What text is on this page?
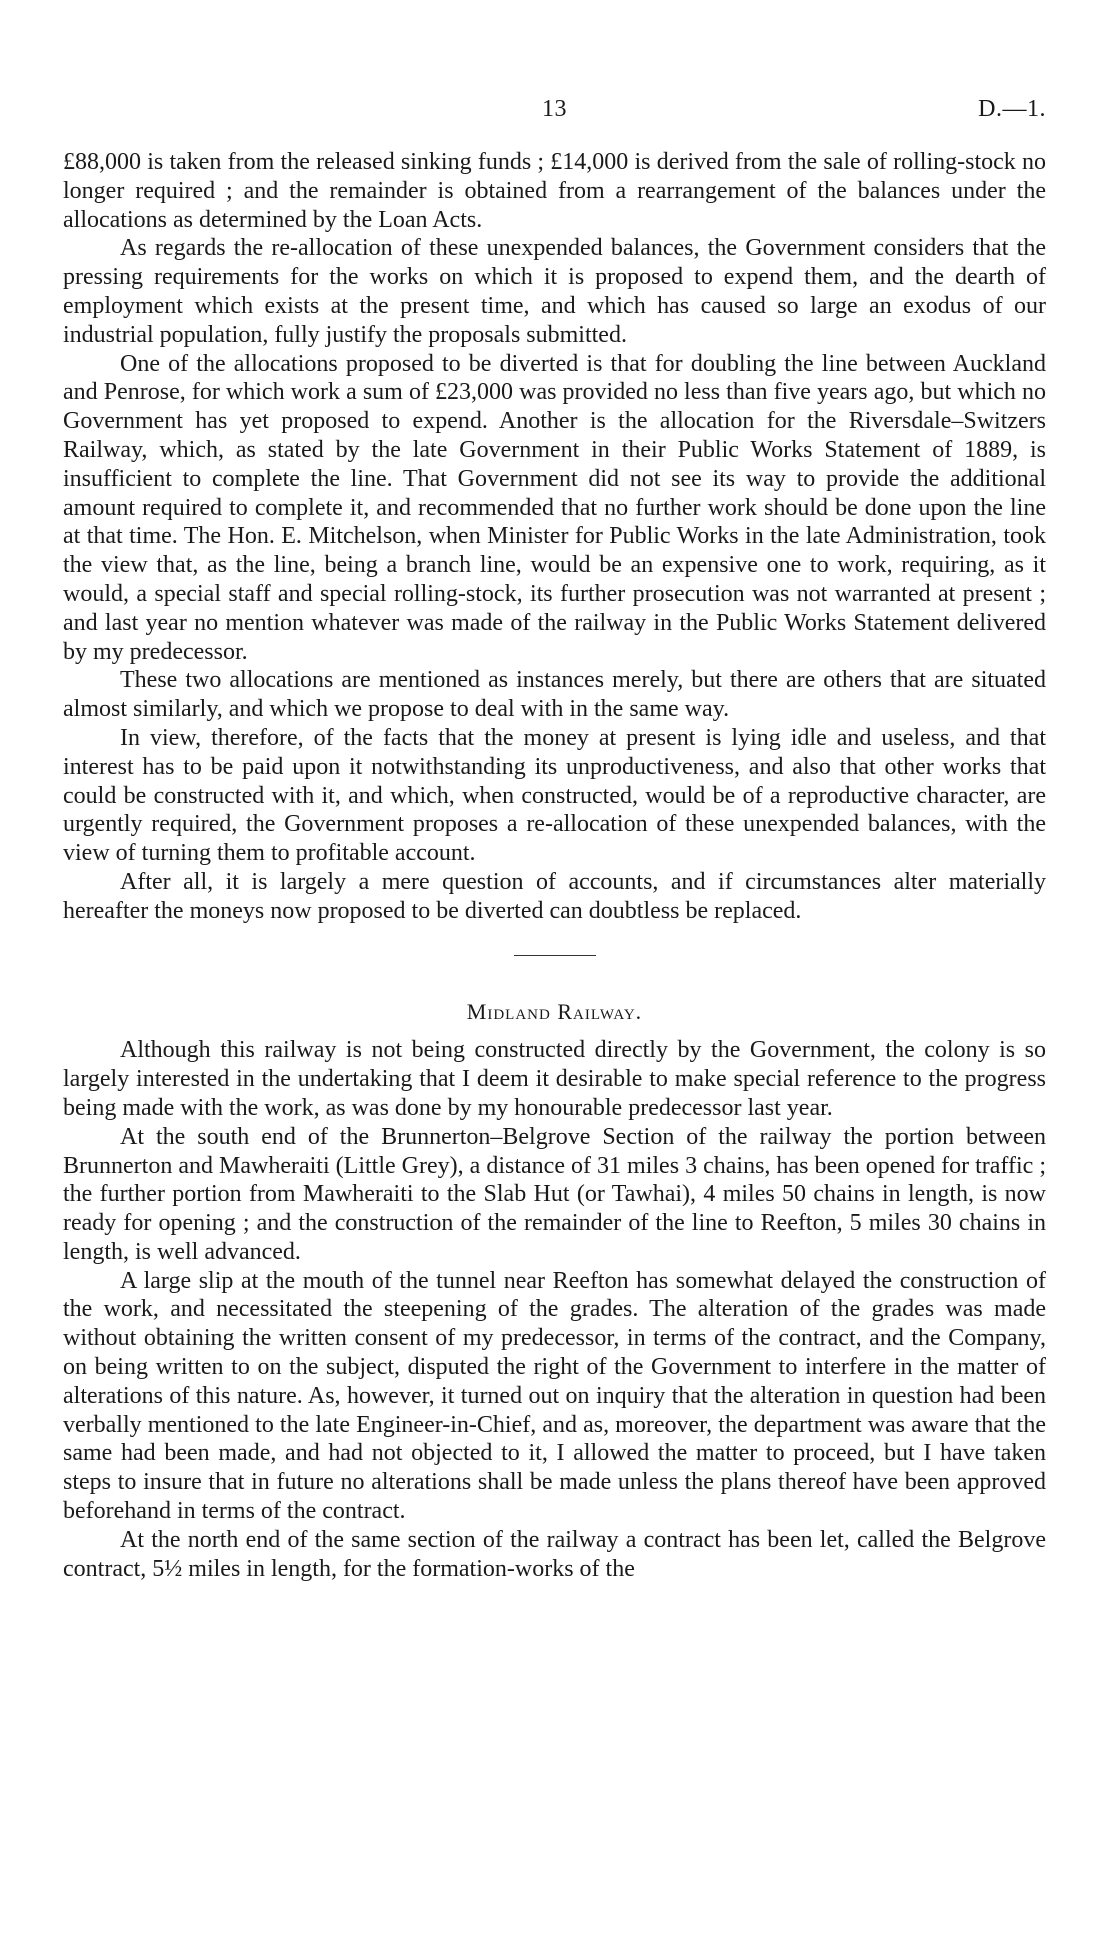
13	D.—1.

£88,000 is taken from the released sinking funds ; £14,000 is derived from the sale of rolling-stock no longer required ; and the remainder is obtained from a rearrangement of the balances under the allocations as determined by the Loan Acts.

As regards the re-allocation of these unexpended balances, the Government considers that the pressing requirements for the works on which it is proposed to expend them, and the dearth of employment which exists at the present time, and which has caused so large an exodus of our industrial population, fully justify the proposals submitted.

One of the allocations proposed to be diverted is that for doubling the line between Auckland and Penrose, for which work a sum of £23,000 was provided no less than five years ago, but which no Government has yet proposed to expend. Another is the allocation for the Riversdale–Switzers Railway, which, as stated by the late Government in their Public Works Statement of 1889, is insufficient to complete the line. That Government did not see its way to provide the additional amount required to complete it, and recommended that no further work should be done upon the line at that time. The Hon. E. Mitchelson, when Minister for Public Works in the late Administration, took the view that, as the line, being a branch line, would be an expensive one to work, requiring, as it would, a special staff and special rolling-stock, its further prosecution was not warranted at present ; and last year no mention whatever was made of the railway in the Public Works Statement delivered by my predecessor.

These two allocations are mentioned as instances merely, but there are others that are situated almost similarly, and which we propose to deal with in the same way.

In view, therefore, of the facts that the money at present is lying idle and useless, and that interest has to be paid upon it notwithstanding its unproductiveness, and also that other works that could be constructed with it, and which, when constructed, would be of a reproductive character, are urgently required, the Government proposes a re-allocation of these unexpended balances, with the view of turning them to profitable account.

After all, it is largely a mere question of accounts, and if circumstances alter materially hereafter the moneys now proposed to be diverted can doubtless be replaced.

Midland Railway.

Although this railway is not being constructed directly by the Government, the colony is so largely interested in the undertaking that I deem it desirable to make special reference to the progress being made with the work, as was done by my honourable predecessor last year.

At the south end of the Brunnerton–Belgrove Section of the railway the portion between Brunnerton and Mawheraiti (Little Grey), a distance of 31 miles 3 chains, has been opened for traffic ; the further portion from Mawheraiti to the Slab Hut (or Tawhai), 4 miles 50 chains in length, is now ready for opening ; and the construction of the remainder of the line to Reefton, 5 miles 30 chains in length, is well advanced.

A large slip at the mouth of the tunnel near Reefton has somewhat delayed the construction of the work, and necessitated the steepening of the grades. The alteration of the grades was made without obtaining the written consent of my predecessor, in terms of the contract, and the Company, on being written to on the subject, disputed the right of the Government to interfere in the matter of alterations of this nature. As, however, it turned out on inquiry that the alteration in question had been verbally mentioned to the late Engineer-in-Chief, and as, moreover, the department was aware that the same had been made, and had not objected to it, I allowed the matter to proceed, but I have taken steps to insure that in future no alterations shall be made unless the plans thereof have been approved beforehand in terms of the contract.

At the north end of the same section of the railway a contract has been let, called the Belgrove contract, 5½ miles in length, for the formation-works of the
